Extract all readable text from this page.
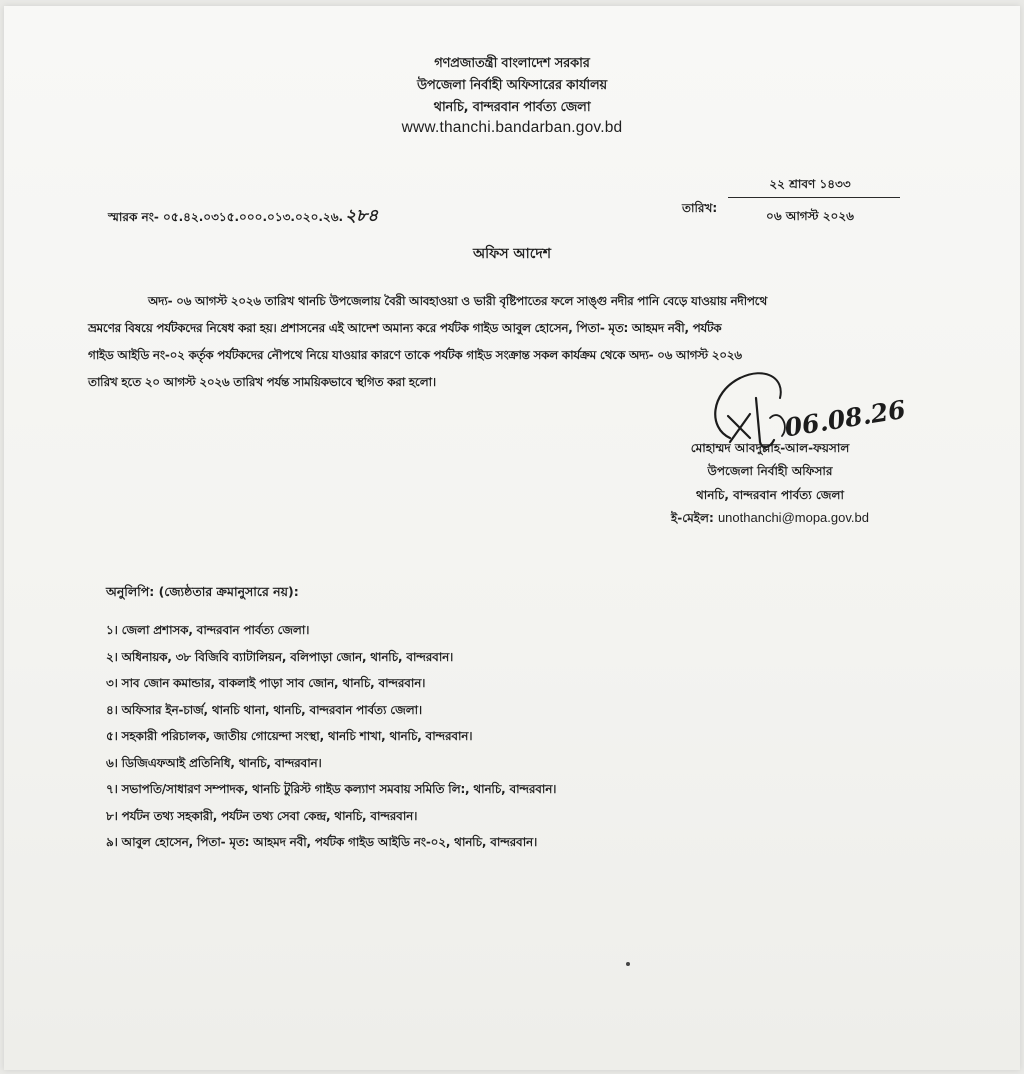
গণপ্রজাতন্ত্রী বাংলাদেশ সরকার
উপজেলা নির্বাহী অফিসারের কার্যালয়
থানচি, বান্দরবান পার্বত্য জেলা
www.thanchi.bandarban.gov.bd
স্মারক নং- ০৫.৪২.০৩১৫.০০০.০১৩.০২০.২৬. ২৮৪	তারিখ:
২২ শ্রাবণ ১৪৩৩
০৬ আগস্ট ২০২৬
অফিস আদেশ
অদ্য- ০৬ আগস্ট ২০২৬ তারিখ থানচি উপজেলায় বৈরী আবহাওয়া ও ভারী বৃষ্টিপাতের ফলে সাঙ্গু নদীর পানি বেড়ে যাওয়ায় নদীপথে
ভ্রমণের বিষয়ে পর্যটকদের নিষেধ করা হয়। প্রশাসনের এই আদেশ অমান্য করে পর্যটক গাইড আবুল হোসেন, পিতা- মৃত: আহমদ নবী, পর্যটক
গাইড আইডি নং-০২ কর্তৃক পর্যটকদের নৌপথে নিয়ে যাওয়ার কারণে তাকে পর্যটক গাইড সংক্রান্ত সকল কার্যক্রম থেকে অদ্য- ০৬ আগস্ট ২০২৬
তারিখ হতে ২০ আগস্ট ২০২৬ তারিখ পর্যন্ত সাময়িকভাবে স্থগিত করা হলো।
06.08.26
মোহাম্মদ আবদুল্লাহ-আল-ফয়সাল
উপজেলা নির্বাহী অফিসার
থানচি, বান্দরবান পার্বত্য জেলা
ই-মেইল: unothanchi@mopa.gov.bd
অনুলিপি: (জ্যেষ্ঠতার ক্রমানুসারে নয়):
১। জেলা প্রশাসক, বান্দরবান পার্বত্য জেলা।
২। অধিনায়ক, ৩৮ বিজিবি ব্যাটালিয়ন, বলিপাড়া জোন, থানচি, বান্দরবান।
৩। সাব জোন কমান্ডার, বাকলাই পাড়া সাব জোন, থানচি, বান্দরবান।
৪। অফিসার ইন-চার্জ, থানচি থানা, থানচি, বান্দরবান পার্বত্য জেলা।
৫। সহকারী পরিচালক, জাতীয় গোয়েন্দা সংস্থা, থানচি শাখা, থানচি, বান্দরবান।
৬। ডিজিএফআই প্রতিনিধি, থানচি, বান্দরবান।
৭। সভাপতি/সাধারণ সম্পাদক, থানচি টুরিস্ট গাইড কল্যাণ সমবায় সমিতি লি:, থানচি, বান্দরবান।
৮। পর্যটন তথ্য সহকারী, পর্যটন তথ্য সেবা কেন্দ্র, থানচি, বান্দরবান।
৯। আবুল হোসেন, পিতা- মৃত: আহমদ নবী, পর্যটক গাইড আইডি নং-০২, থানচি, বান্দরবান।
